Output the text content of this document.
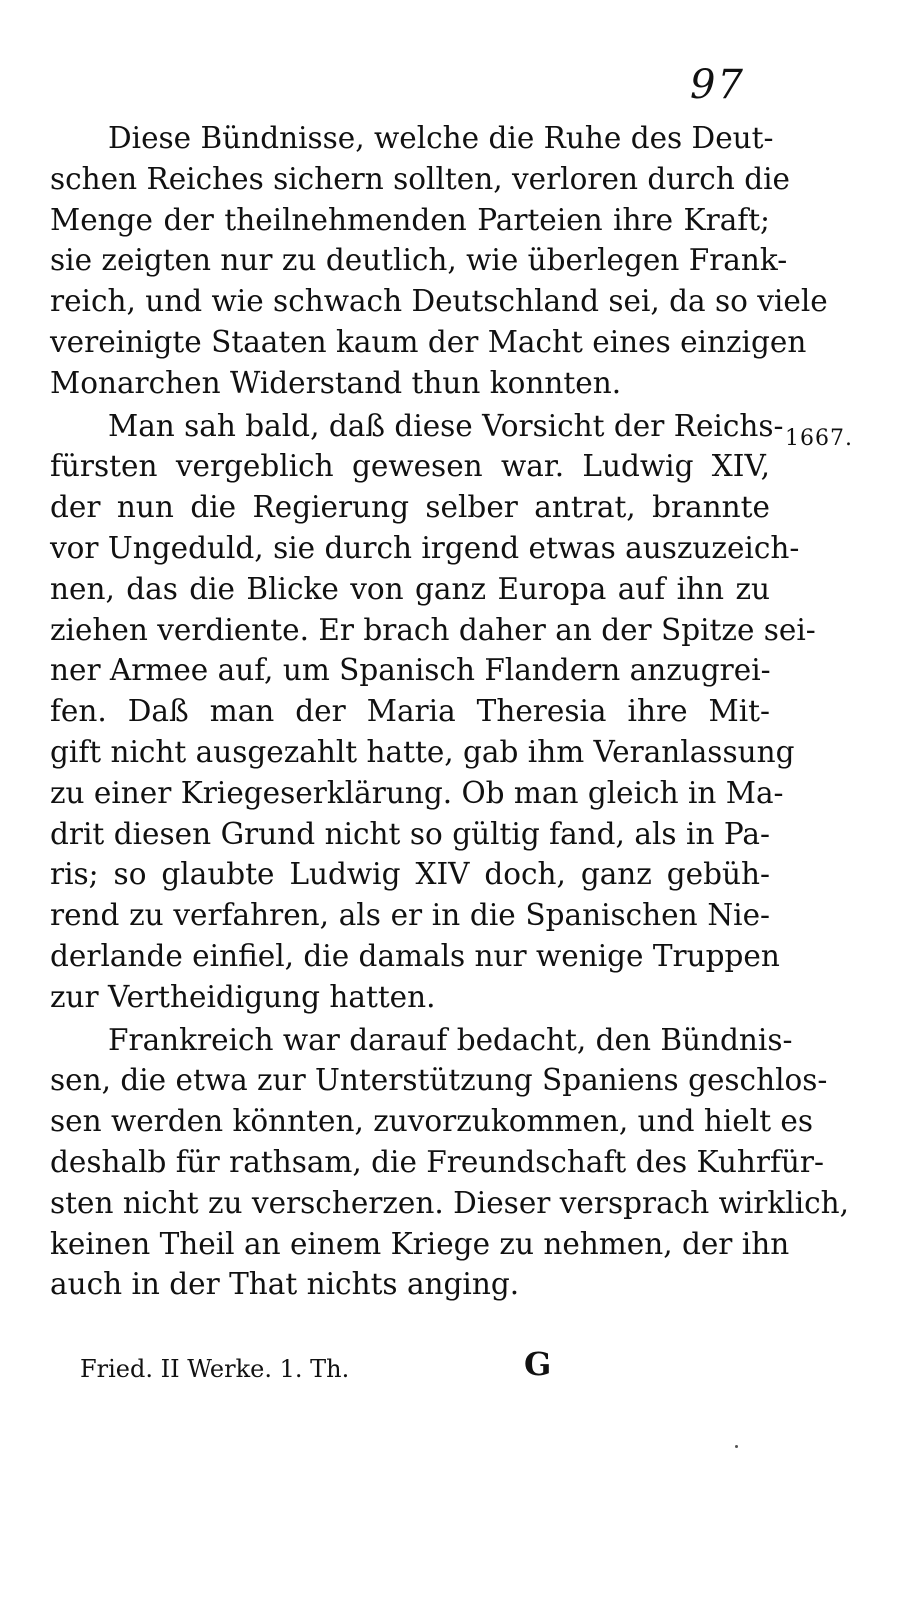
97
1667.
Diese Bündnisse, welche die Ruhe des Deut-
schen Reiches sichern sollten, verloren durch die
Menge der theilnehmenden Parteien ihre Kraft;
sie zeigten nur zu deutlich, wie überlegen Frank-
reich, und wie schwach Deutschland sei, da so viele
vereinigte Staaten kaum der Macht eines einzigen
Monarchen Widerstand thun konnten.
Man sah bald, daß diese Vorsicht der Reichs-
fürsten vergeblich gewesen war. Ludwig XIV,
der nun die Regierung selber antrat, brannte
vor Ungeduld, sie durch irgend etwas auszuzeich-
nen, das die Blicke von ganz Europa auf ihn zu
ziehen verdiente. Er brach daher an der Spitze sei-
ner Armee auf, um Spanisch Flandern anzugrei-
fen. Daß man der Maria Theresia ihre Mit-
gift nicht ausgezahlt hatte, gab ihm Veranlassung
zu einer Kriegeserklärung. Ob man gleich in Ma-
drit diesen Grund nicht so gültig fand, als in Pa-
ris; so glaubte Ludwig XIV doch, ganz gebüh-
rend zu verfahren, als er in die Spanischen Nie-
derlande einfiel, die damals nur wenige Truppen
zur Vertheidigung hatten.
Frankreich war darauf bedacht, den Bündnis-
sen, die etwa zur Unterstützung Spaniens geschlos-
sen werden könnten, zuvorzukommen, und hielt es
deshalb für rathsam, die Freundschaft des Kuhrfür-
sten nicht zu verscherzen. Dieser versprach wirklich,
keinen Theil an einem Kriege zu nehmen, der ihn
auch in der That nichts anging.
Fried. II Werke. 1. Th.	G
